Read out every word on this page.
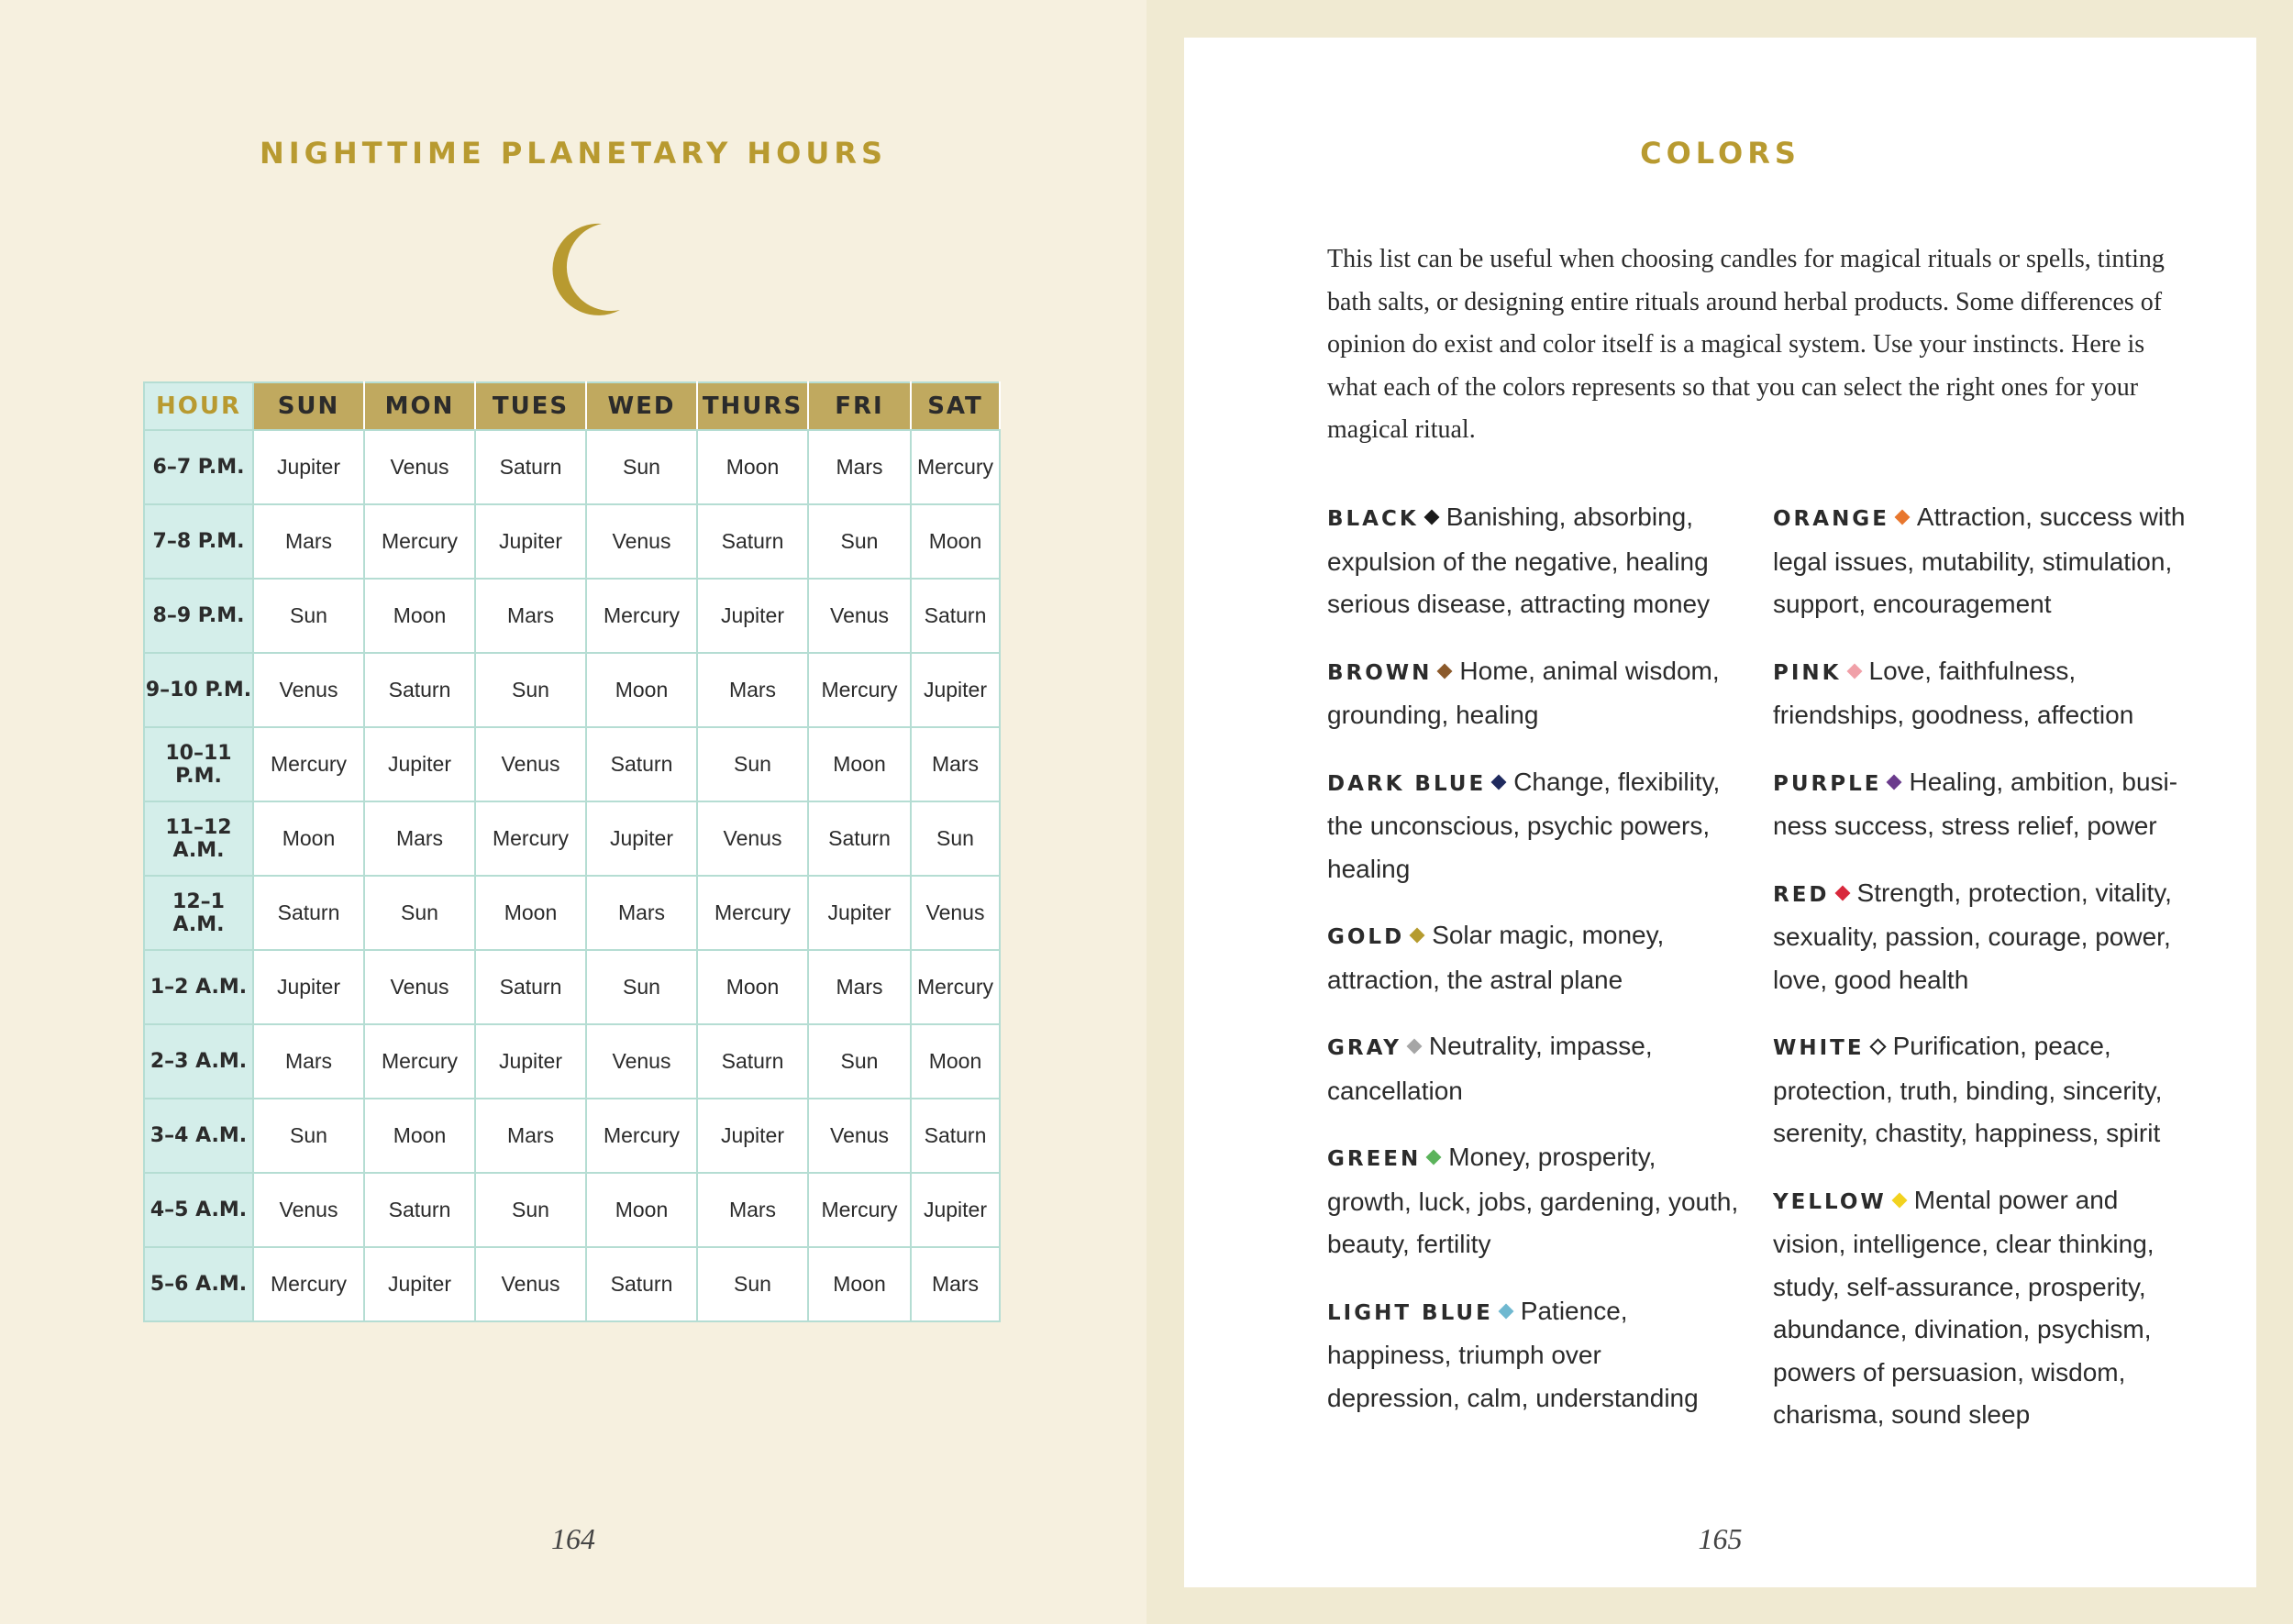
NIGHTTIME PLANETARY HOURS
HOUR	SUN	MON	TUES	WED	THURS	FRI	SAT
6–7 P.M.	Jupiter	Venus	Saturn	Sun	Moon	Mars	Mercury
7–8 P.M.	Mars	Mercury	Jupiter	Venus	Saturn	Sun	Moon
8–9 P.M.	Sun	Moon	Mars	Mercury	Jupiter	Venus	Saturn
9–10 P.M.	Venus	Saturn	Sun	Moon	Mars	Mercury	Jupiter
10–11 P.M.	Mercury	Jupiter	Venus	Saturn	Sun	Moon	Mars
11–12 A.M.	Moon	Mars	Mercury	Jupiter	Venus	Saturn	Sun
12–1 A.M.	Saturn	Sun	Moon	Mars	Mercury	Jupiter	Venus
1–2 A.M.	Jupiter	Venus	Saturn	Sun	Moon	Mars	Mercury
2–3 A.M.	Mars	Mercury	Jupiter	Venus	Saturn	Sun	Moon
3–4 A.M.	Sun	Moon	Mars	Mercury	Jupiter	Venus	Saturn
4–5 A.M.	Venus	Saturn	Sun	Moon	Mars	Mercury	Jupiter
5–6 A.M.	Mercury	Jupiter	Venus	Saturn	Sun	Moon	Mars
164
COLORS

This list can be useful when choosing candles for magical rituals or spells, tinting bath salts, or designing entire rituals around herbal products. Some differences of opinion do exist and color itself is a magical system. Use your instincts. Here is what each of the colors represents so that you can select the right ones for your magical ritual.

BLACK Banishing, absorbing, expulsion of the negative, healing serious disease, attracting money

BROWN Home, animal wisdom, grounding, healing

DARK BLUE Change, flexibility, the unconscious, psychic powers, healing

GOLD Solar magic, money, attraction, the astral plane

GRAY Neutrality, impasse, cancellation

GREEN Money, prosperity, growth, luck, jobs, gardening, youth, beauty, fertility

LIGHT BLUE Patience, happiness, triumph over depression, calm, understanding

ORANGE Attraction, success with legal issues, mutability, stimulation, support, encouragement

PINK Love, faithfulness, friendships, goodness, affection

PURPLE Healing, ambition, business success, stress relief, power

RED Strength, protection, vitality, sexuality, passion, courage, power, love, good health

WHITE Purification, peace, protection, truth, binding, sincerity, serenity, chastity, happiness, spirit

YELLOW Mental power and vision, intelligence, clear thinking, study, self-assurance, prosperity, abundance, divination, psychism, powers of persuasion, wisdom, charisma, sound sleep

165
